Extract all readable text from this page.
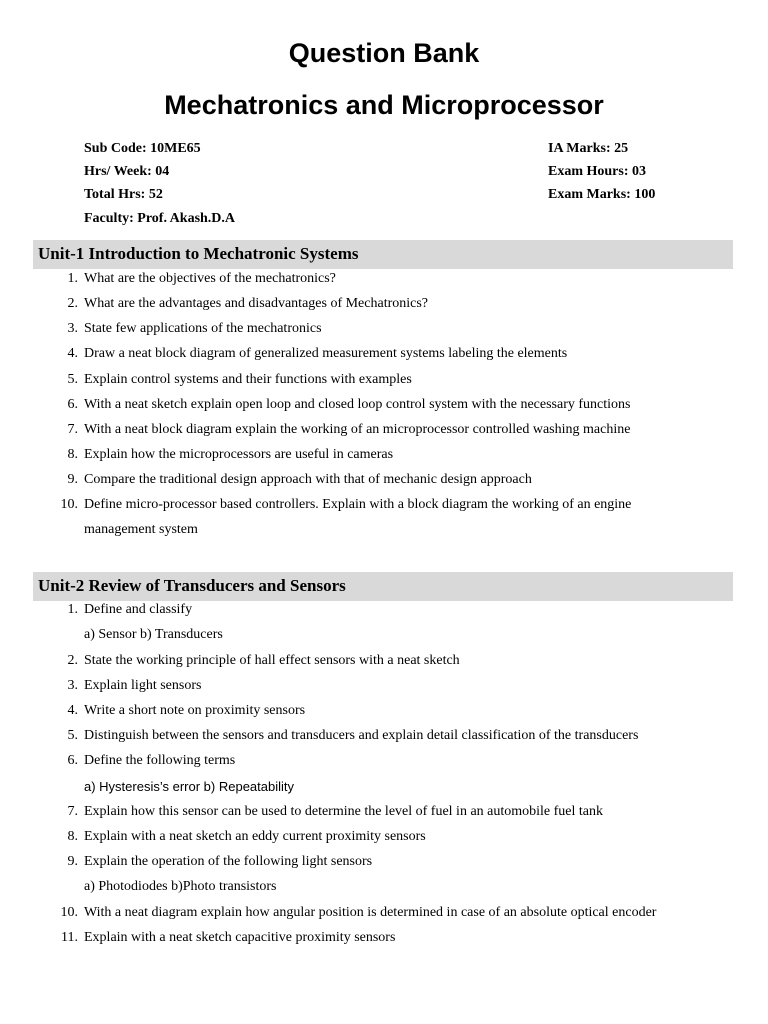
Question Bank
Mechatronics and Microprocessor
Sub Code: 10ME65
Hrs/ Week: 04
Total Hrs: 52
Faculty: Prof. Akash.D.A
IA Marks: 25
Exam Hours: 03
Exam Marks: 100
Unit-1 Introduction to Mechatronic Systems
1. What are the objectives of the mechatronics?
2. What are the advantages and disadvantages of Mechatronics?
3. State few applications of the mechatronics
4. Draw a neat block diagram of generalized measurement systems labeling the elements
5. Explain control systems and their functions with examples
6. With a neat sketch explain open loop and closed loop control system with the necessary functions
7. With a neat block diagram explain the working of an microprocessor controlled washing machine
8. Explain how the microprocessors are useful in cameras
9. Compare the traditional design approach with that of mechanic design approach
10. Define micro-processor based controllers. Explain with a block diagram the working of an engine
management system
Unit-2 Review of Transducers and Sensors
1. Define and classify
a) Sensor b) Transducers
2. State the working principle of hall effect sensors with a neat sketch
3. Explain light sensors
4. Write a short note on proximity sensors
5. Distinguish between the sensors and transducers and explain detail classification of the transducers
6. Define the following terms
a) Hysteresis’s error b) Repeatability
7. Explain how this sensor can be used to determine the level of fuel in an automobile fuel tank
8. Explain with a neat sketch an eddy current proximity sensors
9. Explain the operation of the following light sensors
a) Photodiodes b)Photo transistors
10. With a neat diagram explain how angular position is determined in case of an absolute optical encoder
11. Explain with a neat sketch capacitive proximity sensors
